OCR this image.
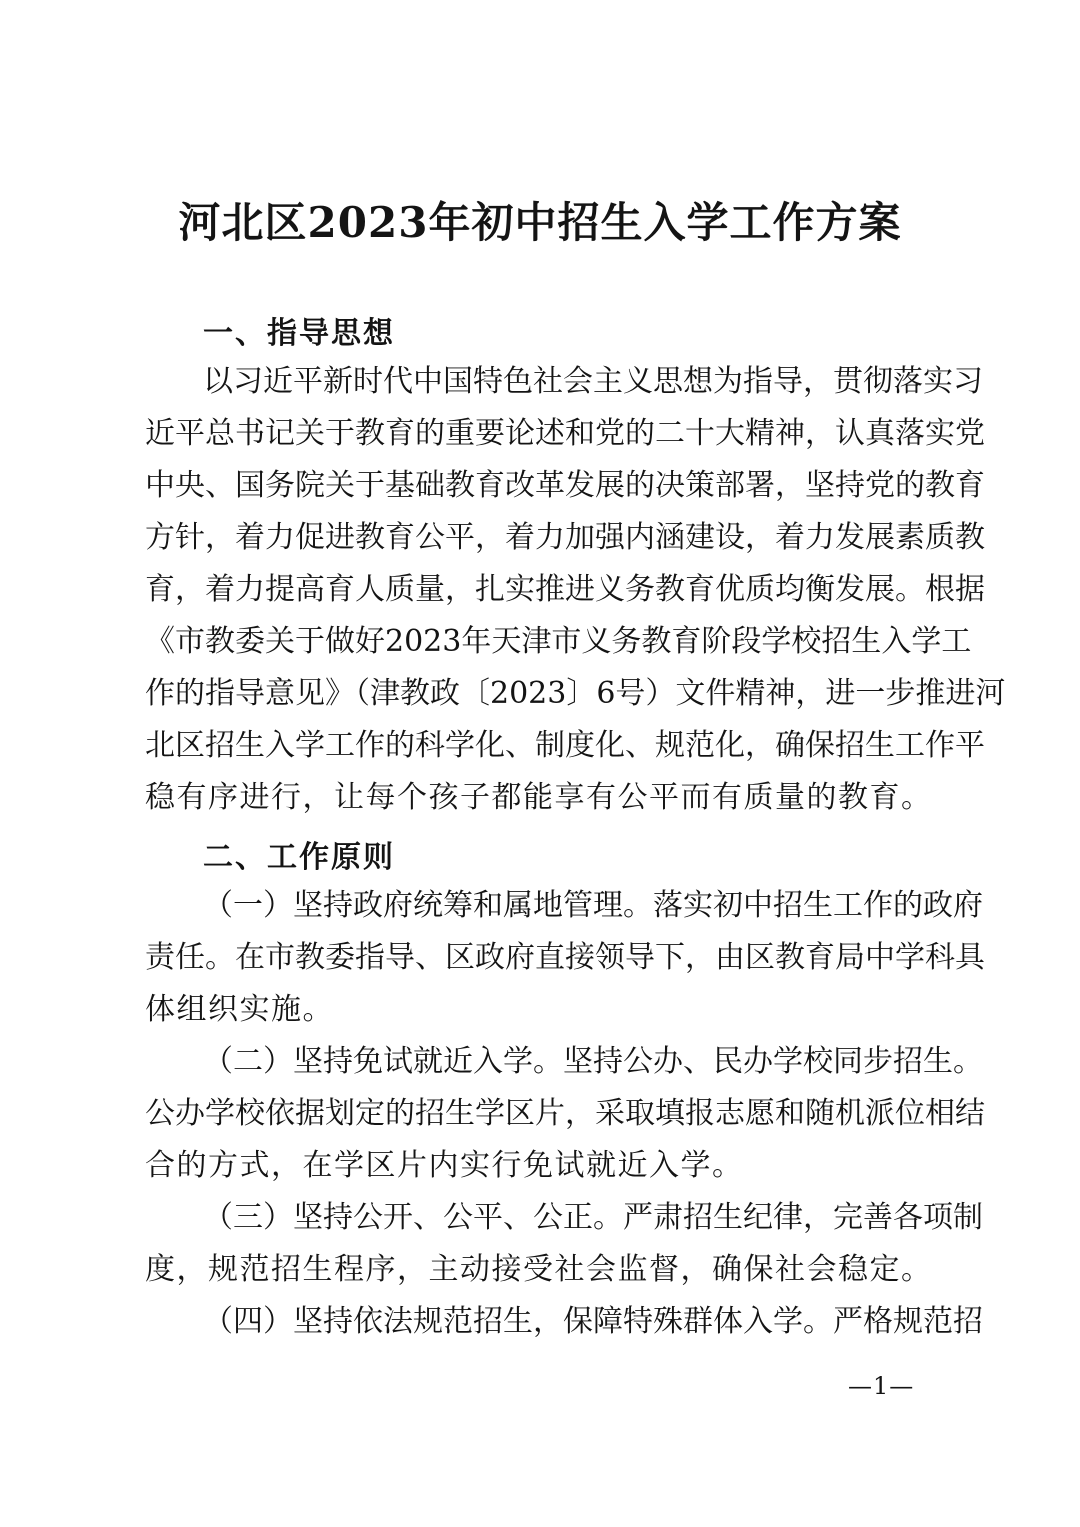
河北区2023年初中招生入学工作方案
一、指导思想
以习近平新时代中国特色社会主义思想为指导，贯彻落实习
近平总书记关于教育的重要论述和党的二十大精神，认真落实党
中央、国务院关于基础教育改革发展的决策部署，坚持党的教育
方针，着力促进教育公平，着力加强内涵建设，着力发展素质教
育，着力提高育人质量，扎实推进义务教育优质均衡发展。根据
《市教委关于做好2023年天津市义务教育阶段学校招生入学工
作的指导意见》（津教政〔2023〕6号）文件精神，进一步推进河
北区招生入学工作的科学化、制度化、规范化，确保招生工作平
稳有序进行，让每个孩子都能享有公平而有质量的教育。
二、工作原则
（一）坚持政府统筹和属地管理。落实初中招生工作的政府
责任。在市教委指导、区政府直接领导下，由区教育局中学科具
体组织实施。
（二）坚持免试就近入学。坚持公办、民办学校同步招生。
公办学校依据划定的招生学区片，采取填报志愿和随机派位相结
合的方式，在学区片内实行免试就近入学。
（三）坚持公开、公平、公正。严肃招生纪律，完善各项制
度，规范招生程序，主动接受社会监督，确保社会稳定。
（四）坚持依法规范招生，保障特殊群体入学。严格规范招
—1—
